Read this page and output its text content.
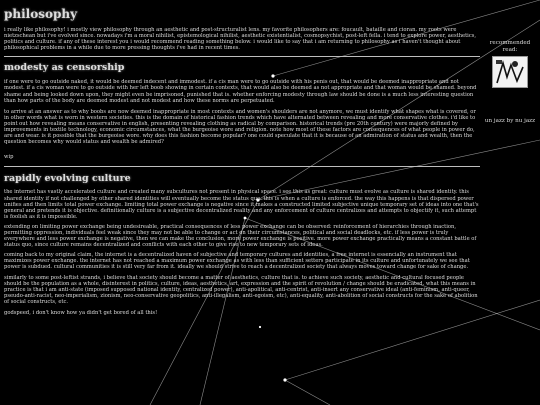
philosophy

i really like philosophy! i mostly view philosophy through an aesthetic and post-structuralist lens. my favorite philosophers are: foucault, bataille and cioran. my roots were nietzschean but i've evolved since. nowadays i'm a moral nihilist, epistemological nihilist, aesthetic existentialist, cosmopsychist, post-left fella. i tend to explore power, aesthetics, politics and culture. if any of these interest you i would recommend reading something below. i would like to say that i am returning to philosophy as i haven't thought about philosophical problems in a while due to more pressing thoughts i've had in recent times.

modesty as censorship

if one were to go outside naked, it would be deemed indecent and immodest. if a cis man were to go outside with his penis out, that would be deemed inappropriate and not modest. if a cis woman were to go outside with her left boob showing in certain contexts, that would also be deemed as not appropriate and that woman would be shamed. beyond shame and being looked down upon, they might even be imprisoned, punished that is. whether enforcing modesty through law should be done is a much less interesting question than how parts of the body are deemed modest and not modest and how these norms are perpetuated.

to arrive at an answer as to why boobs are now deemed inappropriate in most contexts and women's shoulders are not anymore, we must identify what shapes what is covered, or in other words what is worn in western societies. this is the domain of historical fashion trends which have alternated between revealing and more conservative clothes. i'd like to point out how revealing means conservative in english, presenting revealing clothing as radical by comparison. historical trends (pre 20th century) were majorly defined by improvements in textile technology, economic circumstances, what the burgeoise wore and religion. note how most of these factors are consequences of what people in power do, are and wear. is it possible that the burgeoise wore. why does this fashion become popular? one could speculate that it is because of an admiration of status and wealth, then the question becomes why would status and wealth be admired?

wip

rapidly evolving culture

the internet has vastly accelerated culture and created many subcultures not present in physical space. i see this as great: culture must evolve as culture is shared identity. this shared identity if not challenged by other shared identities will eventually become the status quo. this is when a culture is enforced. the way this happens is that dispersed power unifies and then limits total power exchange. limiting total power exchange is negative since it makes a constructed limited subjective unique temporary set of ideas into one that's general and pretends it is objective. definitionally culture is a subjective decentralized reality and any enforcement of culture centralizes and attempts to objectify it, such attempt is foolish as it is impossible.

extending on limiting power exchange being undesireable, practical consequences of less power exchange can be observed: reinforcement of hierarchies through inaction, permitting oppression, individuals feel weak since they may not be able to change or act on their circumstances, political and social deadlocks, etc. if less power is truly everywhere and less power exchange is negative, then we can make the conclusion, more power exchange is positive. more power exchange practically means a constant battle of status quo, since culture remains decentralized and conflicts with each other to give rise to new temporary sets of ideas.

coming back to my original claim, the internet is a decentralized haven of subjective and temporary cultures and identities, a free internet is essencially an instrument that maximizes power exchange. the internet has not reached a maximum power exchange as with less than sufficient setters participate in its culture and unfortunately we see that power is subdued. cultural communities it is still very far from it. ideally we should strive to reach a decentralized society that always moves toward change for sake of change.

similarly to some post-leftist strands, i believe that society should become a matter of aesthetics, culture that is. to achieve such society, aesthetic and cultural focused people should be the population as a whole, disinterest in politics, culture, ideas, aesthetics, art, expression and the spirit of revolution / change should be eradicated. what this means in practice is that i am anti-state (imposed supposed national identity, centralized power), anti-apolitical, anti-centrist, anti-insert any conservative ideal (anti-feminism, anti-queer, pseudo-anti-racist, neo-imperialism, zionism, neo-conservative geopolitics, anti-illegalism, anti-egoism, etc), anti-equality, anti-abolition of social constructs for the sake of abolition of social constructs, etc.

godspeed, i don't know how ya didn't get bored of all this!

recommended read:
un jazz by nu jazz
